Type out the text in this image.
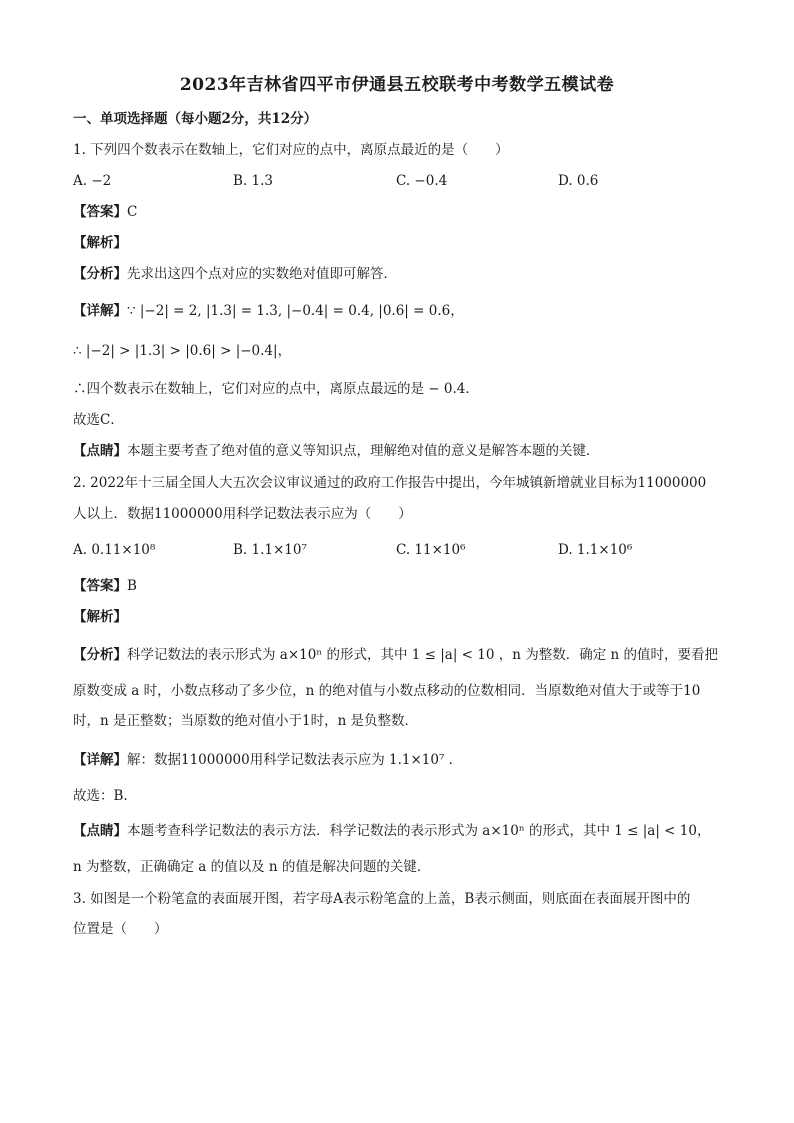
2023年吉林省四平市伊通县五校联考中考数学五模试卷
一、单项选择题（每小题2分，共12分）
1. 下列四个数表示在数轴上，它们对应的点中，离原点最近的是（　　）
A. −2	B. 1.3	C. −0.4	D. 0.6
【答案】C
【解析】
【分析】先求出这四个点对应的实数绝对值即可解答．
【详解】∵ |−2| = 2, |1.3| = 1.3, |−0.4| = 0.4, |0.6| = 0.6，
∴ |−2| > |1.3| > |0.6| > |−0.4|，
∴四个数表示在数轴上，它们对应的点中，离原点最远的是 − 0.4．
故选C．
【点睛】本题主要考查了绝对值的意义等知识点，理解绝对值的意义是解答本题的关键．
2. 2022年十三届全国人大五次会议审议通过的政府工作报告中提出，今年城镇新增就业目标为11000000
人以上．数据11000000用科学记数法表示应为（　　）
A. 0.11×10⁸	B. 1.1×10⁷	C. 11×10⁶	D. 1.1×10⁶
【答案】B
【解析】
【分析】科学记数法的表示形式为 a×10ⁿ 的形式，其中 1 ≤ |a| < 10 ，n 为整数．确定 n 的值时，要看把
原数变成 a 时，小数点移动了多少位，n 的绝对值与小数点移动的位数相同．当原数绝对值大于或等于10
时，n 是正整数；当原数的绝对值小于1时，n 是负整数．
【详解】解：数据11000000用科学记数法表示应为 1.1×10⁷ ．
故选：B.
【点睛】本题考查科学记数法的表示方法．科学记数法的表示形式为 a×10ⁿ 的形式，其中 1 ≤ |a| < 10，
n 为整数，正确确定 a 的值以及 n 的值是解决问题的关键．
3. 如图是一个粉笔盒的表面展开图，若字母A表示粉笔盒的上盖，B表示侧面，则底面在表面展开图中的
位置是（　　）
